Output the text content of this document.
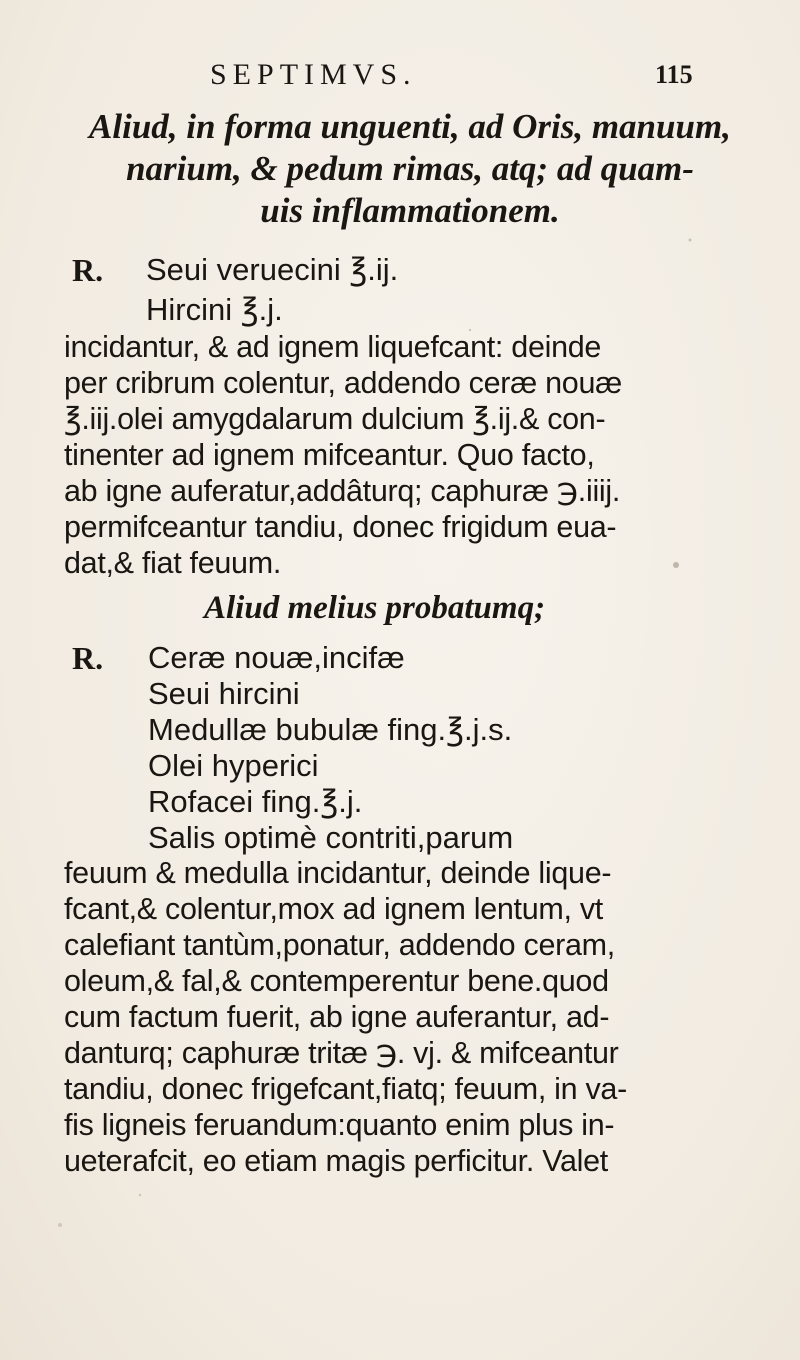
SEPTIMVS.	115
Aliud, in forma unguenti, ad Oris, manuum,
narium, & pedum rimas, atq; ad quam-
uis inflammationem.
R. Seui veruecini ℥.ij.
Hircini ℥.j.
incidantur, & ad ignem liquefcant: deinde
per cribrum colentur, addendo ceræ nouæ
℥.iij.olei amygdalarum dulcium ℥.ij.& con-
tinenter ad ignem mifceantur. Quo facto,
ab igne auferatur,addâturq; caphuræ ℈.iiij.
permifceantur tandiu, donec frigidum eua-
dat,& fiat feuum.
Aliud melius probatumq;
R. Ceræ nouæ,incifæ
Seui hircini
Medullæ bubulæ fing.℥.j.s.
Olei hyperici
Rofacei fing.℥.j.
Salis optimè contriti,parum
feuum & medulla incidantur, deinde lique-
fcant,& colentur,mox ad ignem lentum, vt
calefiant tantùm,ponatur, addendo ceram,
oleum,& fal,& contemperentur bene.quod
cum factum fuerit, ab igne auferantur, ad-
danturq; caphuræ tritæ ℈. vj. & mifceantur
tandiu, donec frigefcant,fiatq; feuum, in va-
fis ligneis feruandum:quanto enim plus in-
ueterafcit, eo etiam magis perficitur. Valet
